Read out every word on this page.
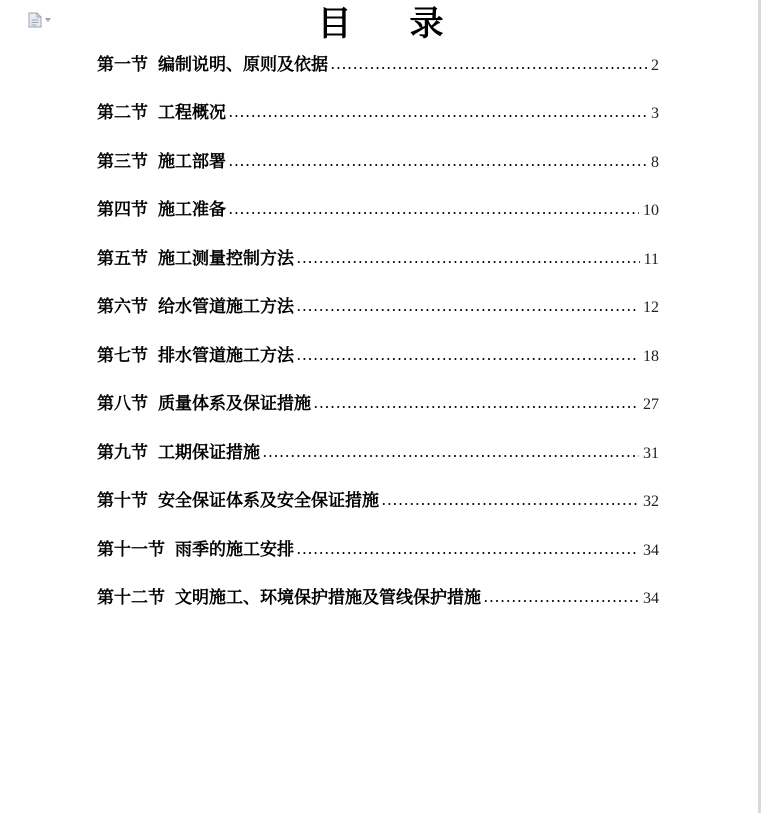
目 录
第一节 编制说明、原则及依据	2
第二节 工程概况	3
第三节 施工部署	8
第四节 施工准备	10
第五节 施工测量控制方法	11
第六节 给水管道施工方法	12
第七节 排水管道施工方法	18
第八节 质量体系及保证措施	27
第九节 工期保证措施	31
第十节 安全保证体系及安全保证措施	32
第十一节 雨季的施工安排	34
第十二节 文明施工、环境保护措施及管线保护措施	34
